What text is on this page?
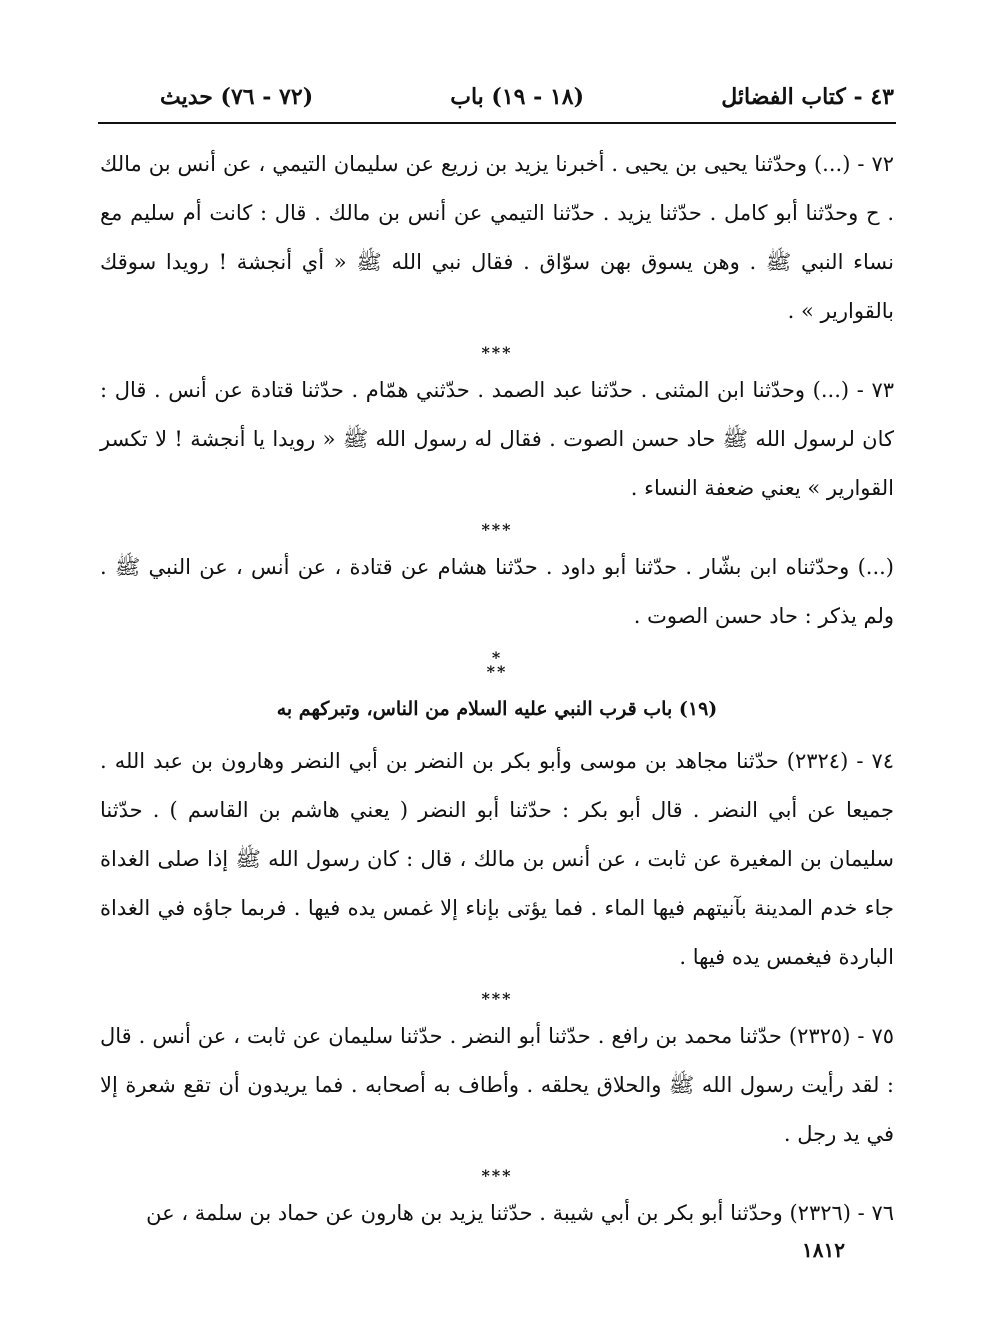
٤٣ - كتاب الفضائل
(١٨ - ١٩) باب
(٧٢ - ٧٦) حديث

٧٢ - (...) وحدّثنا يحيى بن يحيى . أخبرنا يزيد بن زريع عن سليمان التيمي ، عن أنس بن مالك . ح وحدّثنا أبو كامل . حدّثنا يزيد . حدّثنا التيمي عن أنس بن مالك . قال : كانت أم سليم مع نساء النبي ﷺ . وهن يسوق بهن سوّاق . فقال نبي الله ﷺ « أي أنجشة ! رويدا سوقك بالقوارير » .

***

٧٣ - (...) وحدّثنا ابن المثنى . حدّثنا عبد الصمد . حدّثني همّام . حدّثنا قتادة عن أنس . قال : كان لرسول الله ﷺ حاد حسن الصوت . فقال له رسول الله ﷺ « رويدا يا أنجشة ! لا تكسر القوارير » يعني ضعفة النساء .

***

(...) وحدّثناه ابن بشّار . حدّثنا أبو داود . حدّثنا هشام عن قتادة ، عن أنس ، عن النبي ﷺ . ولم يذكر : حاد حسن الصوت .

*
**
(١٩) باب قرب النبي عليه السلام من الناس، وتبركهم به

٧٤ - (٢٣٢٤) حدّثنا مجاهد بن موسى وأبو بكر بن النضر بن أبي النضر وهارون بن عبد الله . جميعا عن أبي النضر . قال أبو بكر : حدّثنا أبو النضر ( يعني هاشم بن القاسم ) . حدّثنا سليمان بن المغيرة عن ثابت ، عن أنس بن مالك ، قال : كان رسول الله ﷺ إذا صلى الغداة جاء خدم المدينة بآنيتهم فيها الماء . فما يؤتى بإناء إلا غمس يده فيها . فربما جاؤه في الغداة الباردة فيغمس يده فيها .

***

٧٥ - (٢٣٢٥) حدّثنا محمد بن رافع . حدّثنا أبو النضر . حدّثنا سليمان عن ثابت ، عن أنس . قال : لقد رأيت رسول الله ﷺ والحلاق يحلقه . وأطاف به أصحابه . فما يريدون أن تقع شعرة إلا في يد رجل .

***

٧٦ - (٢٣٢٦) وحدّثنا أبو بكر بن أبي شيبة . حدّثنا يزيد بن هارون عن حماد بن سلمة ، عن

١٨١٢
